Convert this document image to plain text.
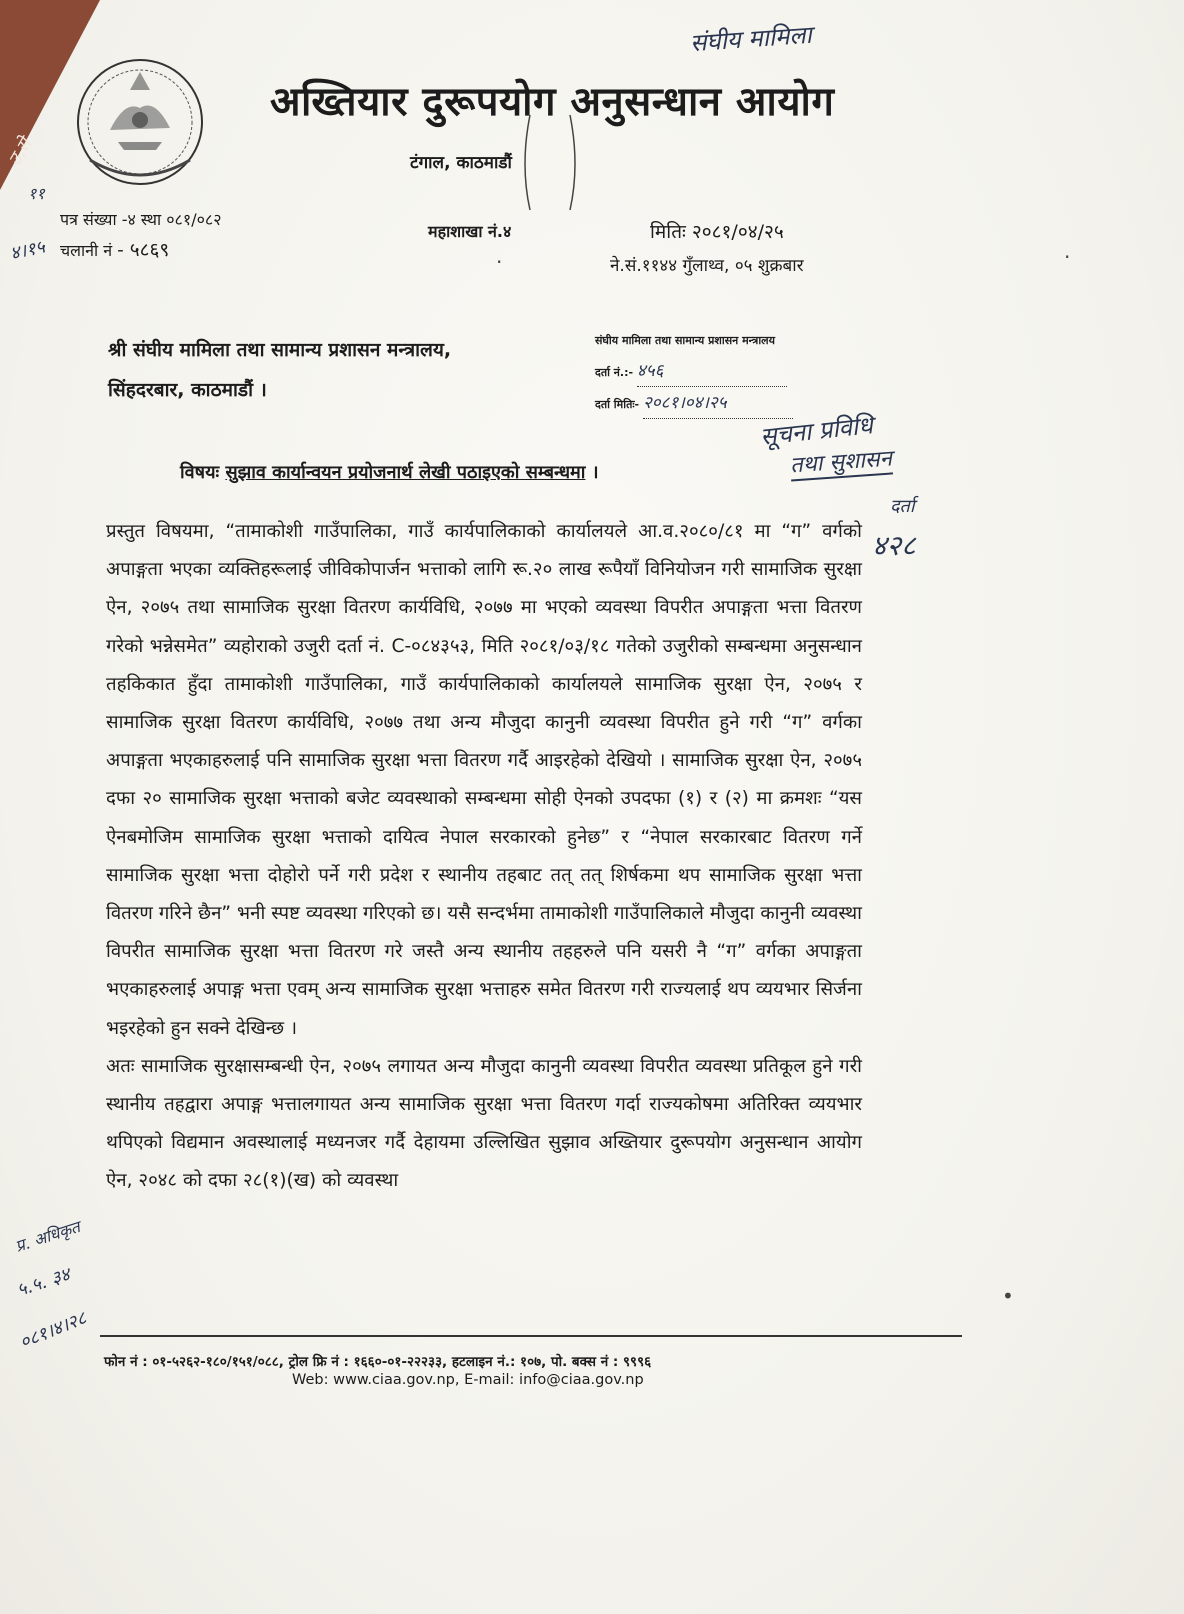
अख्तियार दुरूपयोग अनुसन्धान आयोग
टंगाल, काठमाडौं
पत्र संख्या -४ स्था ०८१/०८२
चलानी नं - ५८६९
महाशाखा नं.४	मितिः २०८१/०४/२५
ने.सं.११४४ गुँलाथ्व, ०५ शुक्रबार
संघीय मामिला
उ.से
११
४।१५
सूचना प्रविधि
तथा सुशासन
दर्ता
४२८
प्र. अधिकृत
५.५. ३४
०८१।४।२८
·	·
•
श्री संघीय मामिला तथा सामान्य प्रशासन मन्त्रालय,
सिंहदरबार, काठमाडौं ।
संघीय मामिला तथा सामान्य प्रशासन मन्त्रालय
दर्ता नं.:- ४५६
दर्ता मितिः- २०८१।०४।२५
विषयः सुझाव कार्यान्वयन प्रयोजनार्थ लेखी पठाइएको सम्बन्धमा ।

प्रस्तुत विषयमा, “तामाकोशी गाउँपालिका, गाउँ कार्यपालिकाको कार्यालयले आ.व.२०८०/८१ मा “ग” वर्गको अपाङ्गता भएका व्यक्तिहरूलाई जीविकोपार्जन भत्ताको लागि रू.२० लाख रूपैयाँ विनियोजन गरी सामाजिक सुरक्षा ऐन, २०७५ तथा सामाजिक सुरक्षा वितरण कार्यविधि, २०७७ मा भएको व्यवस्था विपरीत अपाङ्गता भत्ता वितरण गरेको भन्नेसमेत” व्यहोराको उजुरी दर्ता नं. C-०८४३५३, मिति २०८१/०३/१८ गतेको उजुरीको सम्बन्धमा अनुसन्धान तहकिकात हुँदा तामाकोशी गाउँपालिका, गाउँ कार्यपालिकाको कार्यालयले सामाजिक सुरक्षा ऐन, २०७५ र सामाजिक सुरक्षा वितरण कार्यविधि, २०७७ तथा अन्य मौजुदा कानुनी व्यवस्था विपरीत हुने गरी “ग” वर्गका अपाङ्गता भएकाहरुलाई पनि सामाजिक सुरक्षा भत्ता वितरण गर्दै आइरहेको देखियो । सामाजिक सुरक्षा ऐन, २०७५ दफा २० सामाजिक सुरक्षा भत्ताको बजेट व्यवस्थाको सम्बन्धमा सोही ऐनको उपदफा (१) र (२) मा क्रमशः “यस ऐनबमोजिम सामाजिक सुरक्षा भत्ताको दायित्व नेपाल सरकारको हुनेछ” र “नेपाल सरकारबाट वितरण गर्ने सामाजिक सुरक्षा भत्ता दोहोरो पर्ने गरी प्रदेश र स्थानीय तहबाट तत् तत् शिर्षकमा थप सामाजिक सुरक्षा भत्ता वितरण गरिने छैन” भनी स्पष्ट व्यवस्था गरिएको छ। यसै सन्दर्भमा तामाकोशी गाउँपालिकाले मौजुदा कानुनी व्यवस्था विपरीत सामाजिक सुरक्षा भत्ता वितरण गरे जस्तै अन्य स्थानीय तहहरुले पनि यसरी नै “ग” वर्गका अपाङ्गता भएकाहरुलाई अपाङ्ग भत्ता एवम् अन्य सामाजिक सुरक्षा भत्ताहरु समेत वितरण गरी राज्यलाई थप व्ययभार सिर्जना भइरहेको हुन सक्ने देखिन्छ ।

अतः सामाजिक सुरक्षासम्बन्धी ऐन, २०७५ लगायत अन्य मौजुदा कानुनी व्यवस्था विपरीत व्यवस्था प्रतिकूल हुने गरी स्थानीय तहद्वारा अपाङ्ग भत्तालगायत अन्य सामाजिक सुरक्षा भत्ता वितरण गर्दा राज्यकोषमा अतिरिक्त व्ययभार थपिएको विद्यमान अवस्थालाई मध्यनजर गर्दै देहायमा उल्लिखित सुझाव अख्तियार दुरूपयोग अनुसन्धान आयोग ऐन, २०४८ को दफा २८(१)(ख) को व्यवस्था

फोन नं : ०१-५२६२-१८०/१५१/०८८, ट्रोल फ्रि नं : १६६०-०१-२२२३३, हटलाइन नं.: १०७, पो. बक्स नं : ९९९६
Web: www.ciaa.gov.np, E-mail: info@ciaa.gov.np
